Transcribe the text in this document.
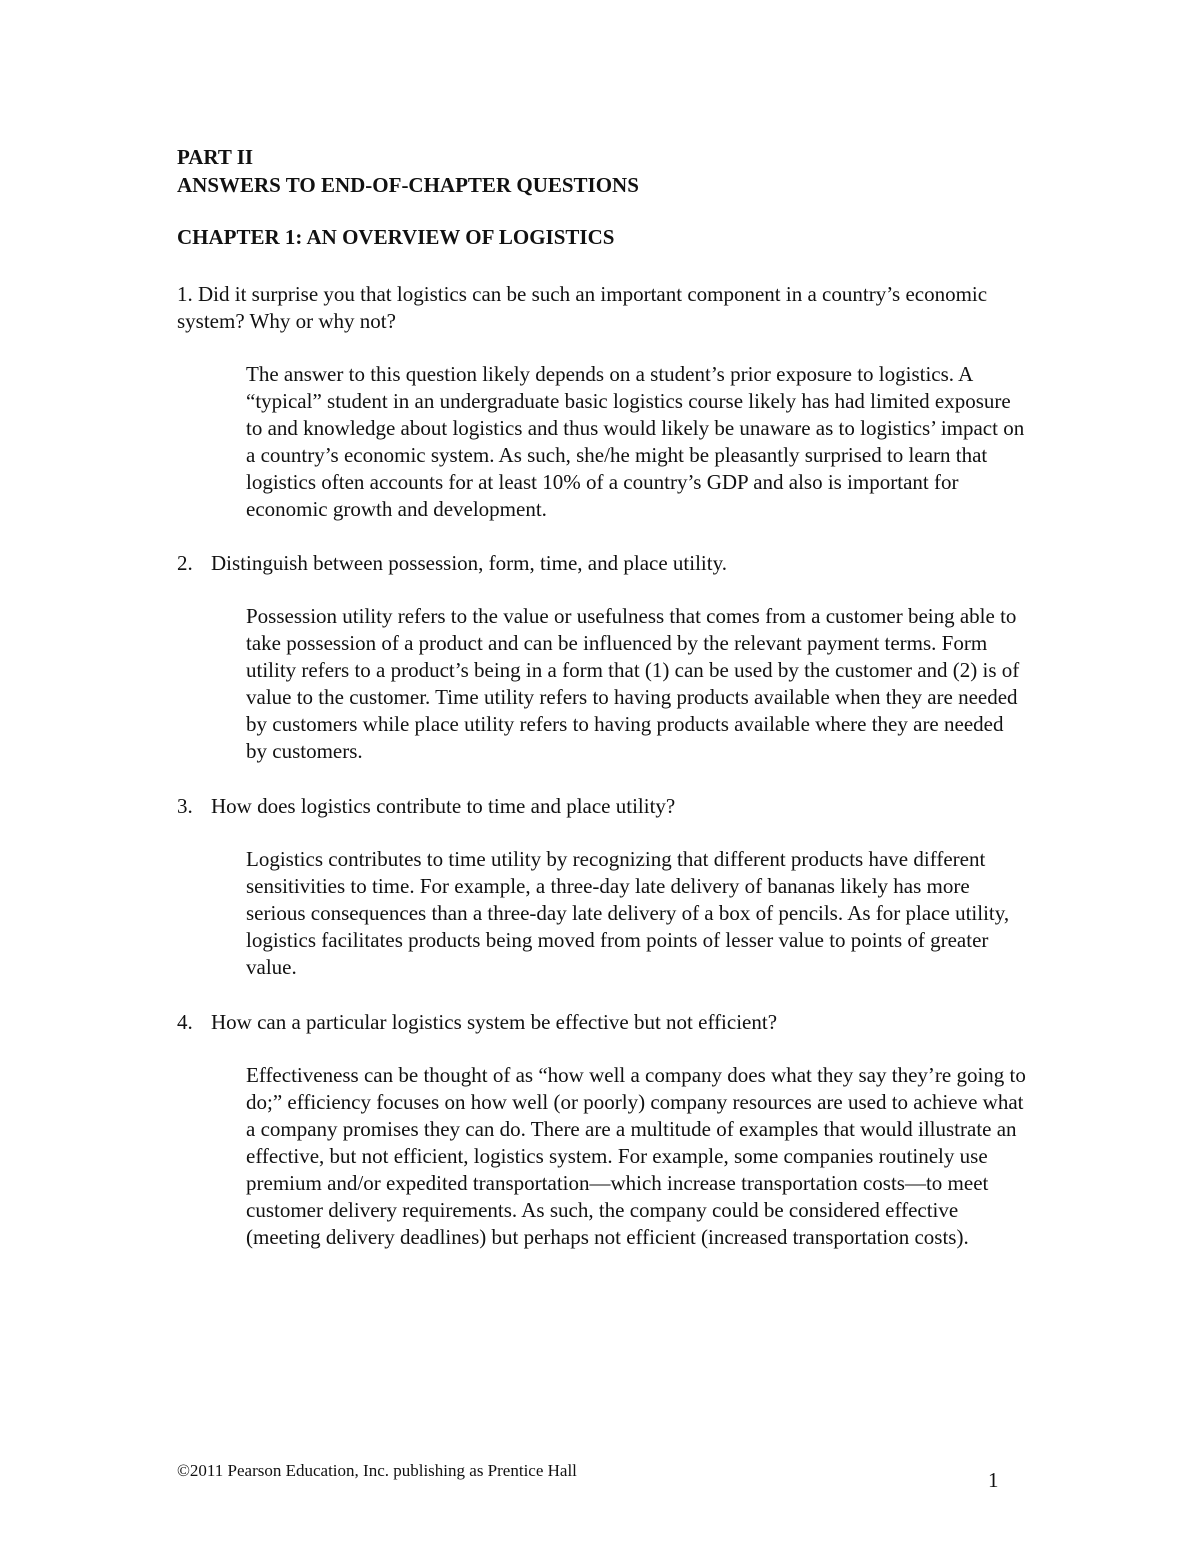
PART II
ANSWERS TO END-OF-CHAPTER QUESTIONS
CHAPTER 1: AN OVERVIEW OF LOGISTICS

1. Did it surprise you that logistics can be such an important component in a country’s economic system? Why or why not?

The answer to this question likely depends on a student’s prior exposure to logistics. A “typical” student in an undergraduate basic logistics course likely has had limited exposure to and knowledge about logistics and thus would likely be unaware as to logistics’ impact on a country’s economic system. As such, she/he might be pleasantly surprised to learn that logistics often accounts for at least 10% of a country’s GDP and also is important for economic growth and development.

2. Distinguish between possession, form, time, and place utility.

Possession utility refers to the value or usefulness that comes from a customer being able to take possession of a product and can be influenced by the relevant payment terms. Form utility refers to a product’s being in a form that (1) can be used by the customer and (2) is of value to the customer. Time utility refers to having products available when they are needed by customers while place utility refers to having products available where they are needed by customers.

3. How does logistics contribute to time and place utility?

Logistics contributes to time utility by recognizing that different products have different sensitivities to time. For example, a three-day late delivery of bananas likely has more serious consequences than a three-day late delivery of a box of pencils. As for place utility, logistics facilitates products being moved from points of lesser value to points of greater value.

4. How can a particular logistics system be effective but not efficient?

Effectiveness can be thought of as “how well a company does what they say they’re going to do;” efficiency focuses on how well (or poorly) company resources are used to achieve what a company promises they can do. There are a multitude of examples that would illustrate an effective, but not efficient, logistics system. For example, some companies routinely use premium and/or expedited transportation—which increase transportation costs—to meet customer delivery requirements. As such, the company could be considered effective (meeting delivery deadlines) but perhaps not efficient (increased transportation costs).

©2011 Pearson Education, Inc. publishing as Prentice Hall	1
